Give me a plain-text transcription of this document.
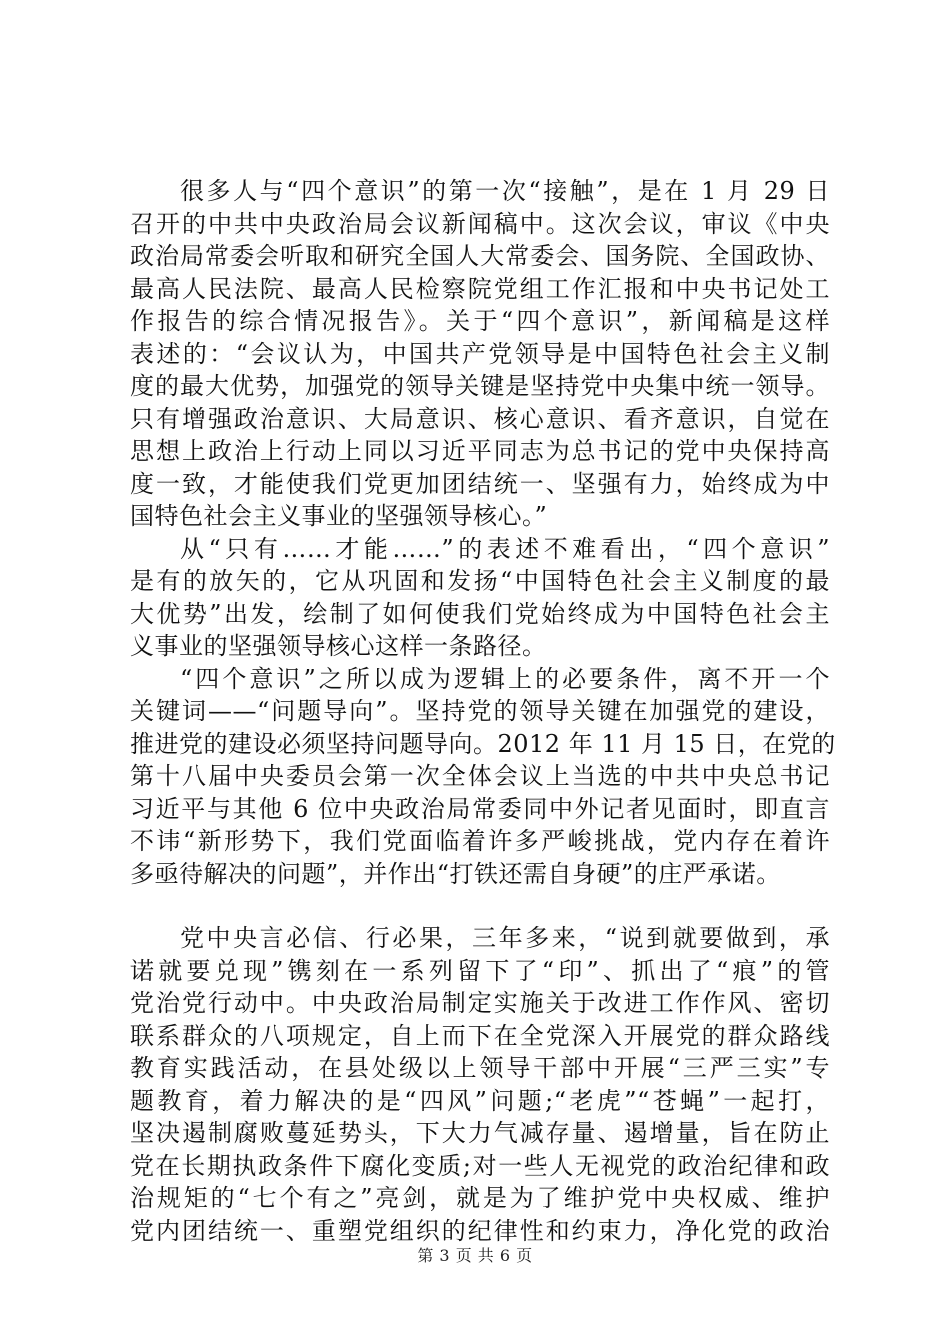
很多人与“四个意识”的第一次“接触”，是在 1 月 29 日
召开的中共中央政治局会议新闻稿中。这次会议，审议《中央
政治局常委会听取和研究全国人大常委会、国务院、全国政协、
最高人民法院、最高人民检察院党组工作汇报和中央书记处工
作报告的综合情况报告》。关于“四个意识”，新闻稿是这样
表述的：“会议认为，中国共产党领导是中国特色社会主义制
度的最大优势，加强党的领导关键是坚持党中央集中统一领导。
只有增强政治意识、大局意识、核心意识、看齐意识，自觉在
思想上政治上行动上同以习近平同志为总书记的党中央保持高
度一致，才能使我们党更加团结统一、坚强有力，始终成为中
国特色社会主义事业的坚强领导核心。”

从“只有……才能……”的表述不难看出，“四个意识”
是有的放矢的，它从巩固和发扬“中国特色社会主义制度的最
大优势”出发，绘制了如何使我们党始终成为中国特色社会主
义事业的坚强领导核心这样一条路径。

“四个意识”之所以成为逻辑上的必要条件，离不开一个
关键词——“问题导向”。坚持党的领导关键在加强党的建设，
推进党的建设必须坚持问题导向。2012 年 11 月 15 日，在党的
第十八届中央委员会第一次全体会议上当选的中共中央总书记
习近平与其他 6 位中央政治局常委同中外记者见面时，即直言
不讳“新形势下，我们党面临着许多严峻挑战，党内存在着许
多亟待解决的问题”，并作出“打铁还需自身硬”的庄严承诺。

党中央言必信、行必果，三年多来，“说到就要做到，承
诺就要兑现”镌刻在一系列留下了“印”、抓出了“痕”的管
党治党行动中。中央政治局制定实施关于改进工作作风、密切
联系群众的八项规定，自上而下在全党深入开展党的群众路线
教育实践活动，在县处级以上领导干部中开展“三严三实”专
题教育，着力解决的是“四风”问题;“老虎”“苍蝇”一起打，
坚决遏制腐败蔓延势头，下大力气减存量、遏增量，旨在防止
党在长期执政条件下腐化变质;对一些人无视党的政治纪律和政
治规矩的“七个有之”亮剑，就是为了维护党中央权威、维护
党内团结统一、重塑党组织的纪律性和约束力，净化党的政治

第 3 页 共 6 页
